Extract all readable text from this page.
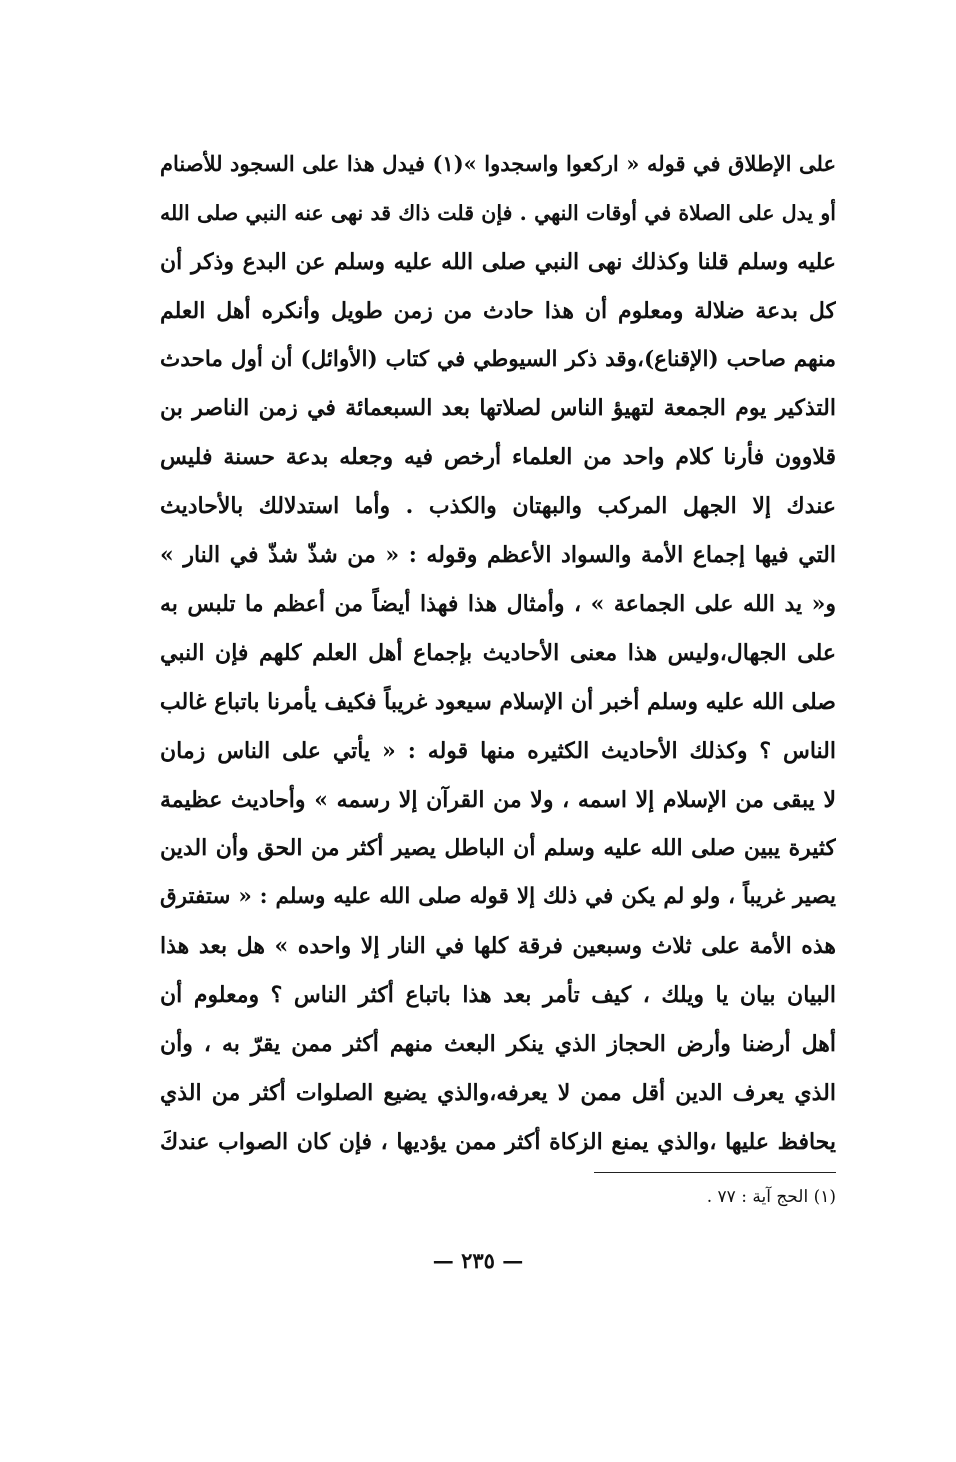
على الإطلاق في قوله « اركعوا واسجدوا »(١) فيدل هذا على السجود للأصنام
أو يدل على الصلاة في أوقات النهي . فإن قلت ذاك قد نهى عنه النبي صلى الله
عليه وسلم قلنا وكذلك نهى النبي صلى الله عليه وسلم عن البدع وذكر أن
كل بدعة ضلالة ومعلوم أن هذا حادث من زمن طويل وأنكره أهل العلم
منهم صاحب (الإقناع)،وقد ذكر السيوطي في كتاب (الأوائل) أن أول ماحدث
التذكير يوم الجمعة لتهيؤ الناس لصلاتها بعد السبعمائة في زمن الناصر بن
قلاوون فأرنا كلام واحد من العلماء أرخص فيه وجعله بدعة حسنة فليس
عندك إلا الجهل المركب والبهتان والكذب . وأما استدلالك بالأحاديث
التي فيها إجماع الأمة والسواد الأعظم وقوله : « من شذّ شذّ في النار »
و« يد الله على الجماعة » ، وأمثال هذا فهذا أيضاً من أعظم ما تلبس به
على الجهال،وليس هذا معنى الأحاديث بإجماع أهل العلم كلهم فإن النبي
صلى الله عليه وسلم أخبر أن الإسلام سيعود غريباً فكيف يأمرنا باتباع غالب
الناس ؟ وكذلك الأحاديث الكثيره منها قوله : « يأتي على الناس زمان
لا يبقى من الإسلام إلا اسمه ، ولا من القرآن إلا رسمه » وأحاديث عظيمة
كثيرة يبين صلى الله عليه وسلم أن الباطل يصير أكثر من الحق وأن الدين
يصير غريباً ، ولو لم يكن في ذلك إلا قوله صلى الله عليه وسلم : « ستفترق
هذه الأمة على ثلاث وسبعين فرقة كلها في النار إلا واحده » هل بعد هذا
البيان بيان يا ويلك ، كيف تأمر بعد هذا باتباع أكثر الناس ؟ ومعلوم أن
أهل أرضنا وأرض الحجاز الذي ينكر البعث منهم أكثر ممن يقرّ به ، وأن
الذي يعرف الدين أقل ممن لا يعرفه،والذي يضيع الصلوات أكثر من الذي
يحافظ عليها ،والذي يمنع الزكاة أكثر ممن يؤديها ، فإن كان الصواب عندكَ
(١) الحج آية : ٧٧ .
— ٢٣٥ —
